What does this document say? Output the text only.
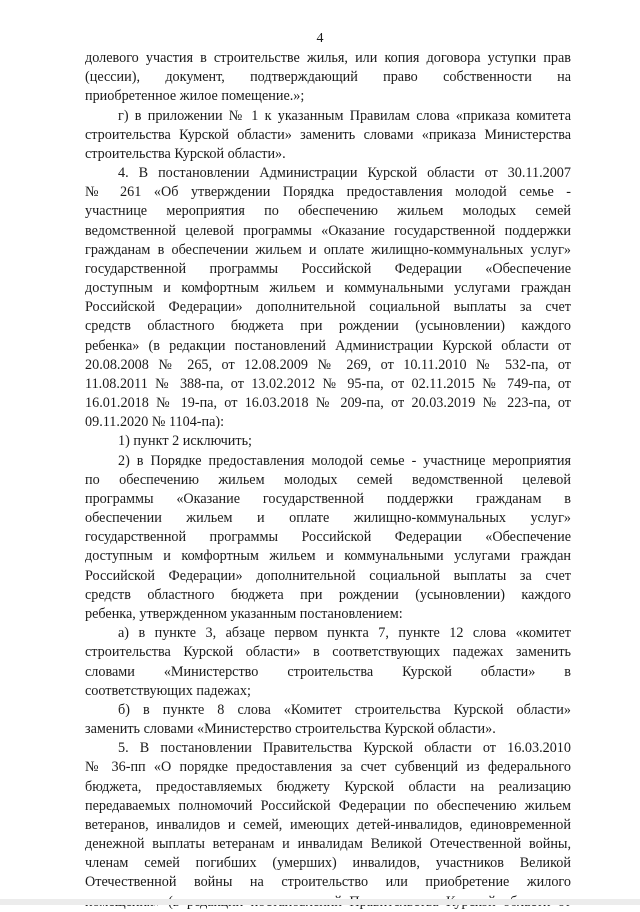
4
долевого участия в строительстве жилья, или копия договора уступки прав
(цессии), документ, подтверждающий право собственности на
приобретенное жилое помещение.»;
г) в приложении № 1 к указанным Правилам слова «приказа комитета
строительства Курской области» заменить словами «приказа Министерства
строительства Курской области».
4. В постановлении Администрации Курской области от 30.11.2007
№ 261 «Об утверждении Порядка предоставления молодой семье -
участнице мероприятия по обеспечению жильем молодых семей
ведомственной целевой программы «Оказание государственной поддержки
гражданам в обеспечении жильем и оплате жилищно-коммунальных услуг»
государственной программы Российской Федерации «Обеспечение
доступным и комфортным жильем и коммунальными услугами граждан
Российской Федерации» дополнительной социальной выплаты за счет
средств областного бюджета при рождении (усыновлении) каждого
ребенка» (в редакции постановлений Администрации Курской области от
20.08.2008 № 265, от 12.08.2009 № 269, от 10.11.2010 № 532-па, от
11.08.2011 № 388-па, от 13.02.2012 № 95-па, от 02.11.2015 № 749-па, от
16.01.2018 № 19-па, от 16.03.2018 № 209-па, от 20.03.2019 № 223-па, от
09.11.2020 № 1104-па):
1) пункт 2 исключить;
2) в Порядке предоставления молодой семье - участнице мероприятия
по обеспечению жильем молодых семей ведомственной целевой
программы «Оказание государственной поддержки гражданам в
обеспечении жильем и оплате жилищно-коммунальных услуг»
государственной программы Российской Федерации «Обеспечение
доступным и комфортным жильем и коммунальными услугами граждан
Российской Федерации» дополнительной социальной выплаты за счет
средств областного бюджета при рождении (усыновлении) каждого
ребенка, утвержденном указанным постановлением:
а) в пункте 3, абзаце первом пункта 7, пункте 12 слова «комитет
строительства Курской области» в соответствующих падежах заменить
словами «Министерство строительства Курской области» в
соответствующих падежах;
б) в пункте 8 слова «Комитет строительства Курской области»
заменить словами «Министерство строительства Курской области».
5. В постановлении Правительства Курской области от 16.03.2010
№ 36-пп «О порядке предоставления за счет субвенций из федерального
бюджета, предоставляемых бюджету Курской области на реализацию
передаваемых полномочий Российской Федерации по обеспечению жильем
ветеранов, инвалидов и семей, имеющих детей-инвалидов, единовременной
денежной выплаты ветеранам и инвалидам Великой Отечественной войны,
членам семей погибших (умерших) инвалидов, участников Великой
Отечественной войны на строительство или приобретение жилого
